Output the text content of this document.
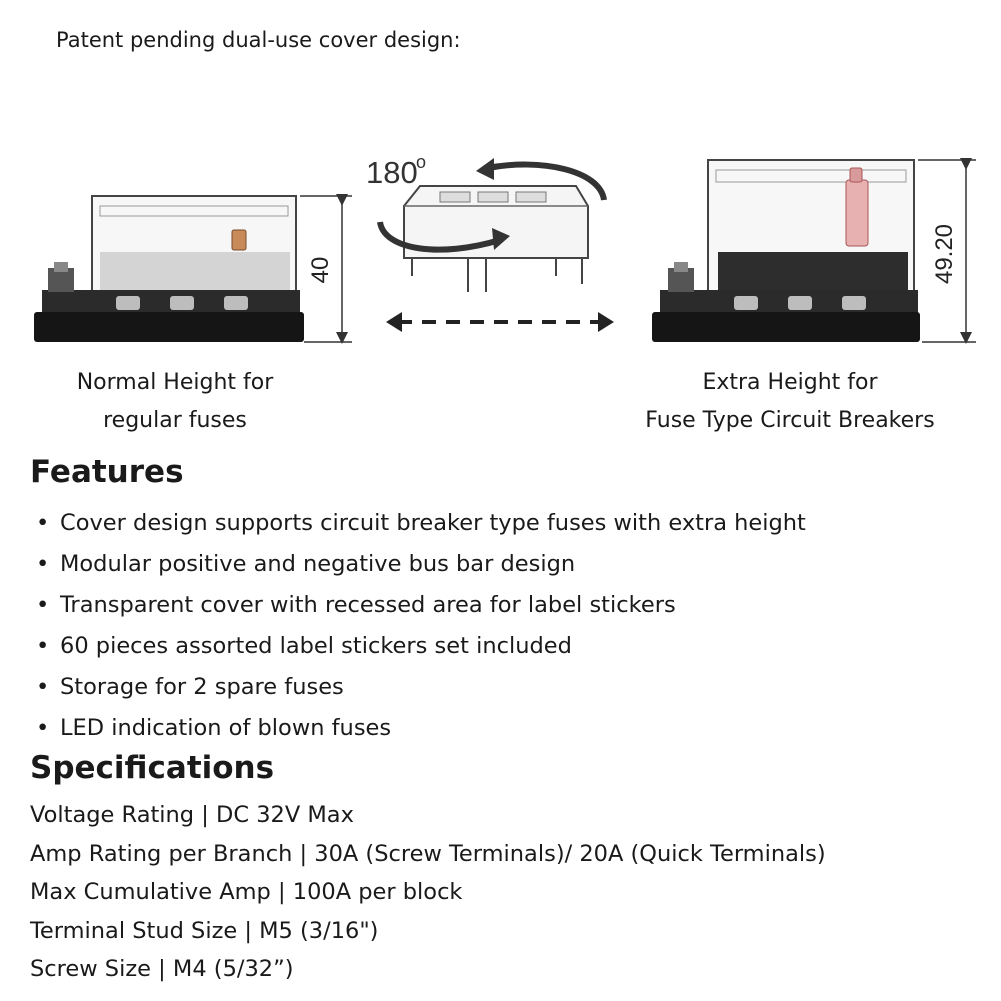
Patent pending dual-use cover design:
40
180
o
49.20
Normal Height for
regular fuses
Extra Height for
Fuse Type Circuit Breakers
Features
• Cover design supports circuit breaker type fuses with extra height
• Modular positive and negative bus bar design
• Transparent cover with recessed area for label stickers
• 60 pieces assorted label stickers set included
• Storage for 2 spare fuses
• LED indication of blown fuses
Specifications
Voltage Rating | DC 32V Max
Amp Rating per Branch | 30A (Screw Terminals)/ 20A (Quick Terminals)
Max Cumulative Amp | 100A per block
Terminal Stud Size | M5 (3/16")
Screw Size | M4 (5/32”)
